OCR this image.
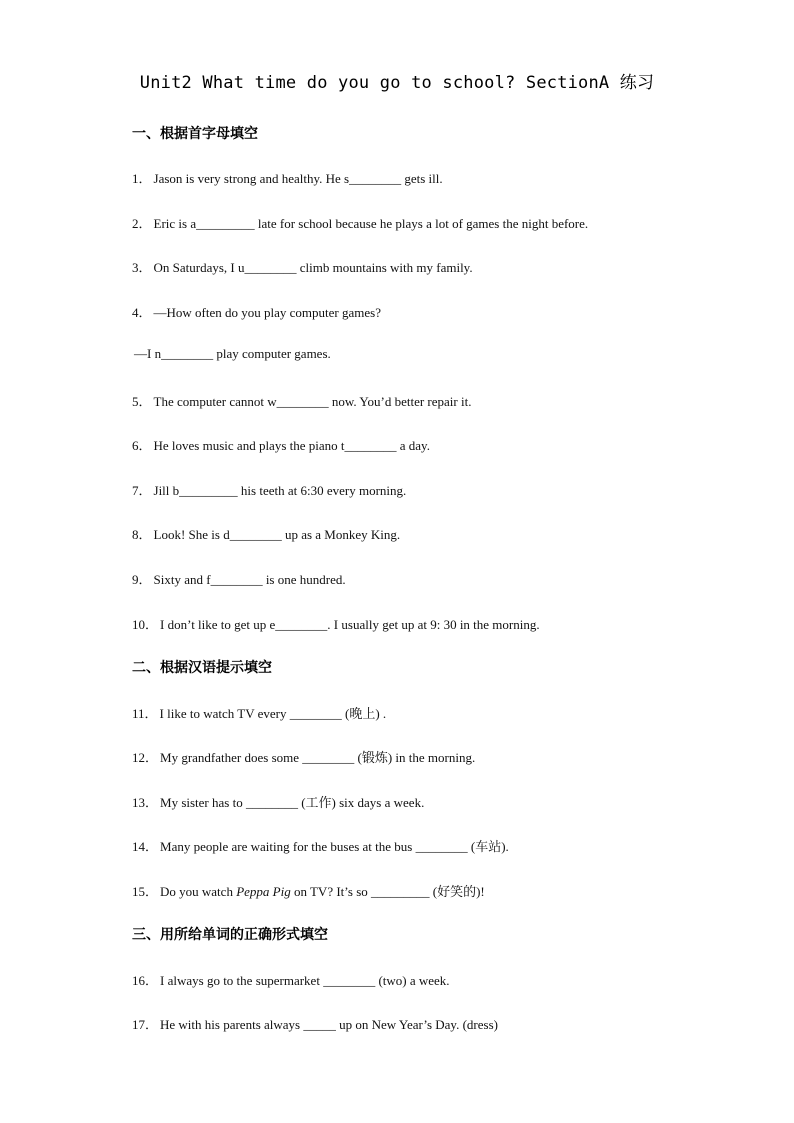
Unit2 What time do you go to school? SectionA 练习
一、根据首字母填空
1． Jason is very strong and healthy. He s________ gets ill.
2． Eric is a_________ late for school because he plays a lot of games the night before.
3． On Saturdays, I u________ climb mountains with my family.
4． —How often do you play computer games?
—I n________ play computer games.
5． The computer cannot w________ now. You’d better repair it.
6． He loves music and plays the piano t________ a day.
7． Jill b_________ his teeth at 6:30 every morning.
8． Look! She is d________ up as a Monkey King.
9． Sixty and f________ is one hundred.
10． I don’t like to get up e________. I usually get up at 9: 30 in the morning.
二、根据汉语提示填空
11． I like to watch TV every ________ (晚上) .
12． My grandfather does some ________ (锻炼) in the morning.
13． My sister has to ________ (工作) six days a week.
14． Many people are waiting for the buses at the bus ________ (车站).
15． Do you watch Peppa Pig on TV? It’s so _________ (好笑的)!
三、用所给单词的正确形式填空
16． I always go to the supermarket ________ (two) a week.
17． He with his parents always _____ up on New Year’s Day. (dress)
